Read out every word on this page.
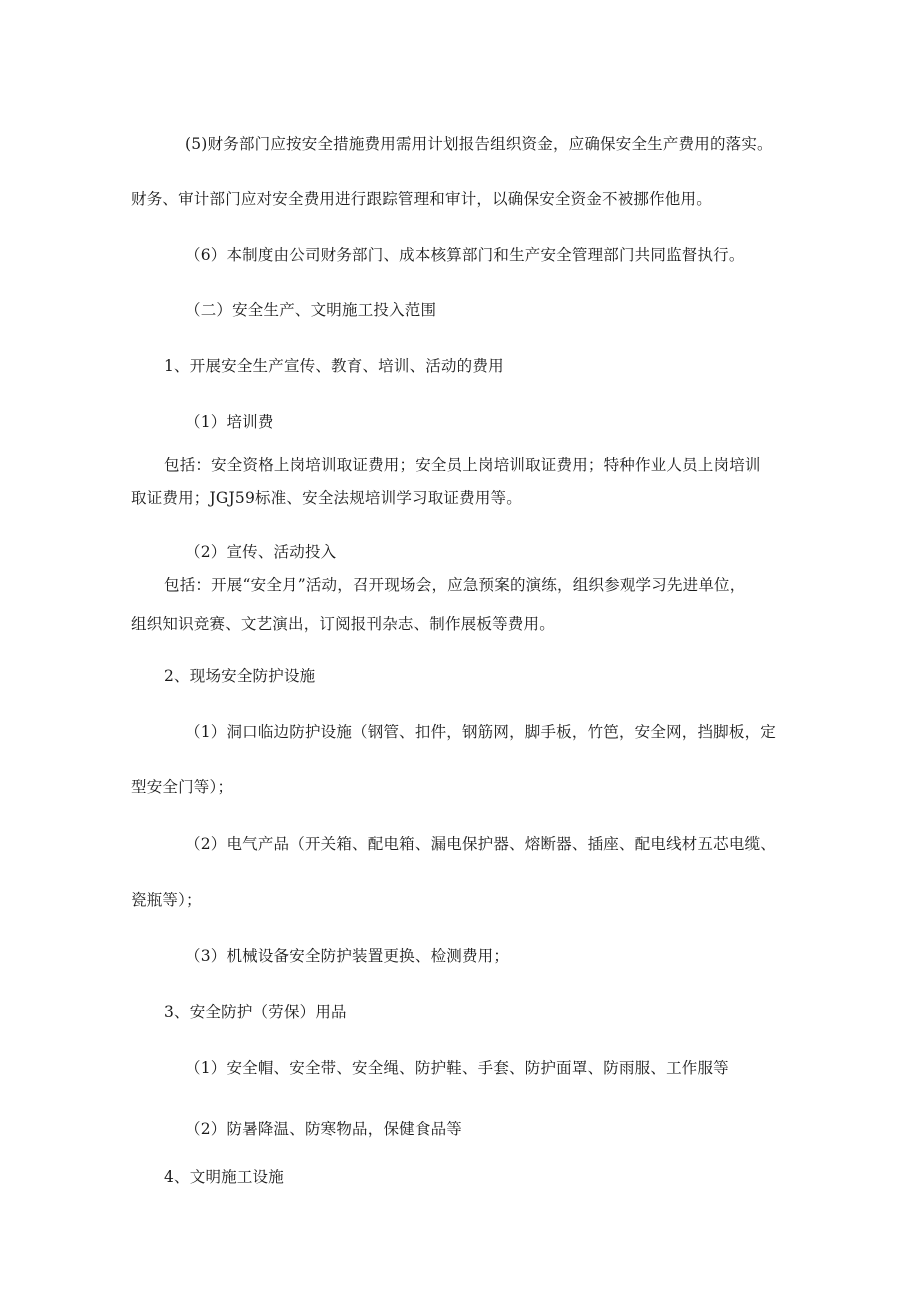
(5)财务部门应按安全措施费用需用计划报告组织资金，应确保安全生产费用的落实。
财务、审计部门应对安全费用进行跟踪管理和审计，以确保安全资金不被挪作他用。
（6）本制度由公司财务部门、成本核算部门和生产安全管理部门共同监督执行。
（二）安全生产、文明施工投入范围
1、开展安全生产宣传、教育、培训、活动的费用
（1）培训费
包括：安全资格上岗培训取证费用；安全员上岗培训取证费用；特种作业人员上岗培训
取证费用；JGJ59标准、安全法规培训学习取证费用等。
（2）宣传、活动投入
包括：开展“安全月”活动，召开现场会，应急预案的演练，组织参观学习先进单位，
组织知识竞赛、文艺演出，订阅报刊杂志、制作展板等费用。
2、现场安全防护设施
（1）洞口临边防护设施（钢管、扣件，钢筋网，脚手板，竹笆，安全网，挡脚板，定
型安全门等）；
（2）电气产品（开关箱、配电箱、漏电保护器、熔断器、插座、配电线材五芯电缆、
瓷瓶等）；
（3）机械设备安全防护装置更换、检测费用；
3、安全防护（劳保）用品
（1）安全帽、安全带、安全绳、防护鞋、手套、防护面罩、防雨服、工作服等
（2）防暑降温、防寒物品，保健食品等
4、文明施工设施
